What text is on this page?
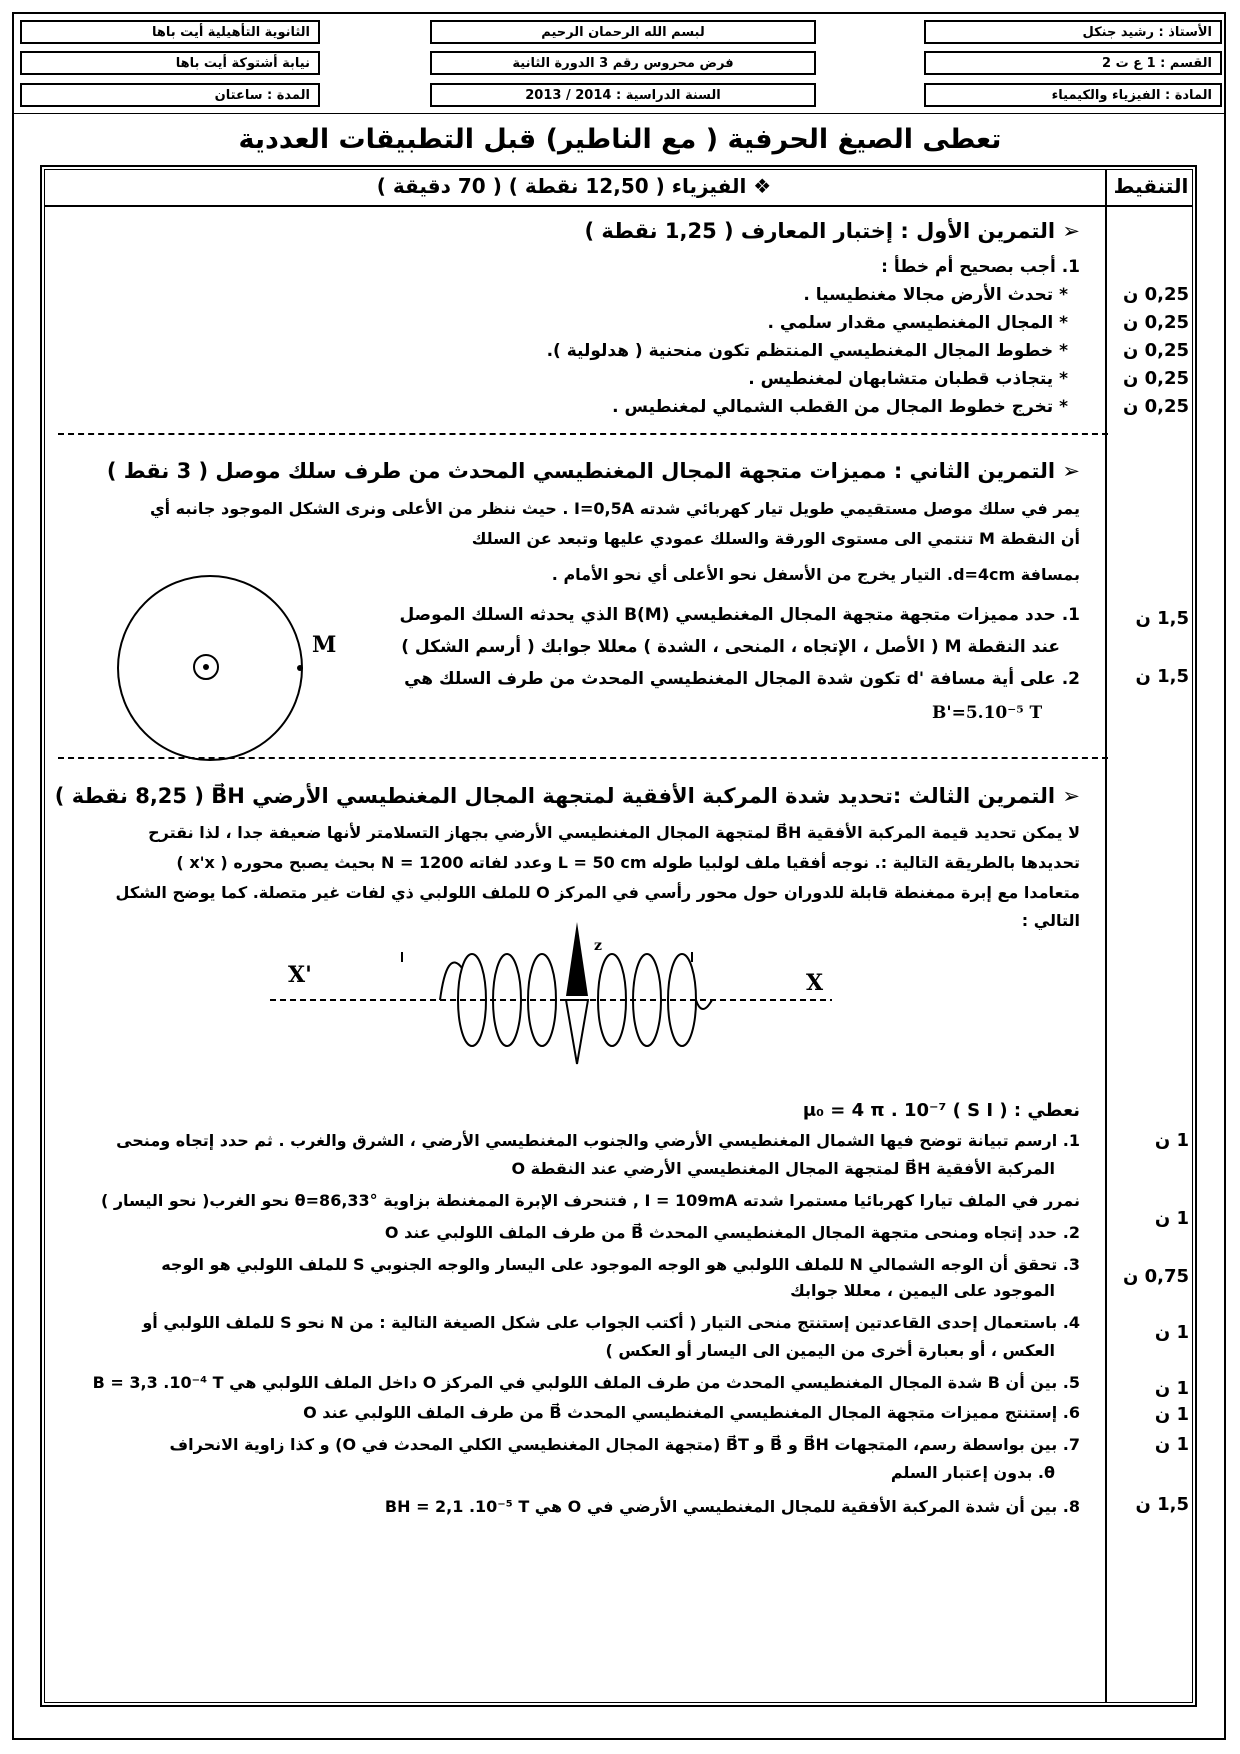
الأستاذ : رشيد جنكل
لبسم الله الرحمان الرحيم
الثانوية التأهيلية أيت باها
القسم : 1 ع ت 2
فرض محروس رقم 3 الدورة الثانية
نيابة أشتوكة أيت باها
المادة : الفيزياء والكيمياء
السنة الدراسية : 2014 / 2013
المدة : ساعتان
تعطى الصيغ الحرفية ( مع الناطير) قبل التطبيقات العددية
التنقيط
❖ الفيزياء ( 12,50 نقطة ) ( 70 دقيقة )
➢ التمرين الأول : إختبار المعارف ( 1,25 نقطة )
1. أجب بصحيح أم خطأ :
* تحدث الأرض مجالا مغنطيسيا .
* المجال المغنطيسي مقدار سلمي .
* خطوط المجال المغنطيسي المنتظم تكون منحنية ( هدلولية ).
* يتجاذب قطبان متشابهان لمغنطيس .
* تخرج خطوط المجال من القطب الشمالي لمغنطيس .
0,25 ن
0,25 ن
0,25 ن
0,25 ن
0,25 ن
➢ التمرين الثاني : مميزات متجهة المجال المغنطيسي المحدث من طرف سلك موصل ( 3 نقط )
يمر في سلك موصل مستقيمي طويل تيار كهربائي شدته I=0,5A . حيث ننظر من الأعلى ونرى الشكل الموجود جانبه أي
أن النقطة M تنتمي الى مستوى الورقة والسلك عمودي عليها وتبعد عن السلك
بمسافة d=4cm. التيار يخرج من الأسفل نحو الأعلى أي نحو الأمام .
1. حدد مميزات متجهة متجهة المجال المغنطيسي B(M) الذي يحدثه السلك الموصل
عند النقطة M ( الأصل ، الإتجاه ، المنحى ، الشدة ) معللا جوابك ( أرسم الشكل )
2. على أية مسافة 'd تكون شدة المجال المغنطيسي المحدث من طرف السلك هي
B'=5.10⁻⁵ T
1,5 ن
1,5 ن
M
➢ التمرين الثالث :تحديد شدة المركبة الأفقية لمتجهة المجال المغنطيسي الأرضي B⃗H ( 8,25 نقطة )
لا يمكن تحديد قيمة المركبة الأفقية B⃗H لمتجهة المجال المغنطيسي الأرضي بجهاز التسلامتر لأنها ضعيفة جدا ، لذا نقترح
تحديدها بالطريقة التالية :. نوجه أفقيا ملف لولبيا طوله L = 50 cm وعدد لفاته N = 1200 بحيث يصبح محوره ( x'x )
متعامدا مع إبرة ممغنطة قابلة للدوران حول محور رأسي في المركز O للملف اللولبي ذي لفات غير متصلة. كما يوضح الشكل
التالي :
X'	X
z
نعطي : μ₀ = 4 π . 10⁻⁷ ( S I )
1. ارسم تبيانة توضح فيها الشمال المغنطيسي الأرضي والجنوب المغنطيسي الأرضي ، الشرق والغرب . ثم حدد إتجاه ومنحى
المركبة الأفقية B⃗H لمتجهة المجال المغنطيسي الأرضي عند النقطة O
نمرر في الملف تيارا كهربائيا مستمرا شدته I = 109mA , فتنحرف الإبرة الممغنطة بزاوية θ=86,33° نحو الغرب( نحو اليسار )
2. حدد إتجاه ومنحى متجهة المجال المغنطيسي المحدث B⃗ من طرف الملف اللولبي عند O
3. تحقق أن الوجه الشمالي N للملف اللولبي هو الوجه الموجود على اليسار والوجه الجنوبي S للملف اللولبي هو الوجه
الموجود على اليمين ، معللا جوابك
4. باستعمال إحدى القاعدتين إستنتج منحى التيار ( أكتب الجواب على شكل الصيغة التالية : من N نحو S للملف اللولبي أو
العكس ، أو بعبارة أخرى من اليمين الى اليسار أو العكس )
5. بين أن B شدة المجال المغنطيسي المحدث من طرف الملف اللولبي في المركز O داخل الملف اللولبي هي B = 3,3 .10⁻⁴ T
6. إستنتج مميزات متجهة المجال المغنطيسي المغنطيسي المحدث B⃗ من طرف الملف اللولبي عند O
7. بين بواسطة رسم، المتجهات B⃗H و B⃗ و B⃗T (متجهة المجال المغنطيسي الكلي المحدث في O) و كذا زاوية الانحراف
θ. بدون إعتبار السلم
8. بين أن شدة المركبة الأفقية للمجال المغنطيسي الأرضي في O هي BH = 2,1 .10⁻⁵ T
1 ن
1 ن
0,75 ن
1 ن
1 ن
1 ن
1 ن
1,5 ن
